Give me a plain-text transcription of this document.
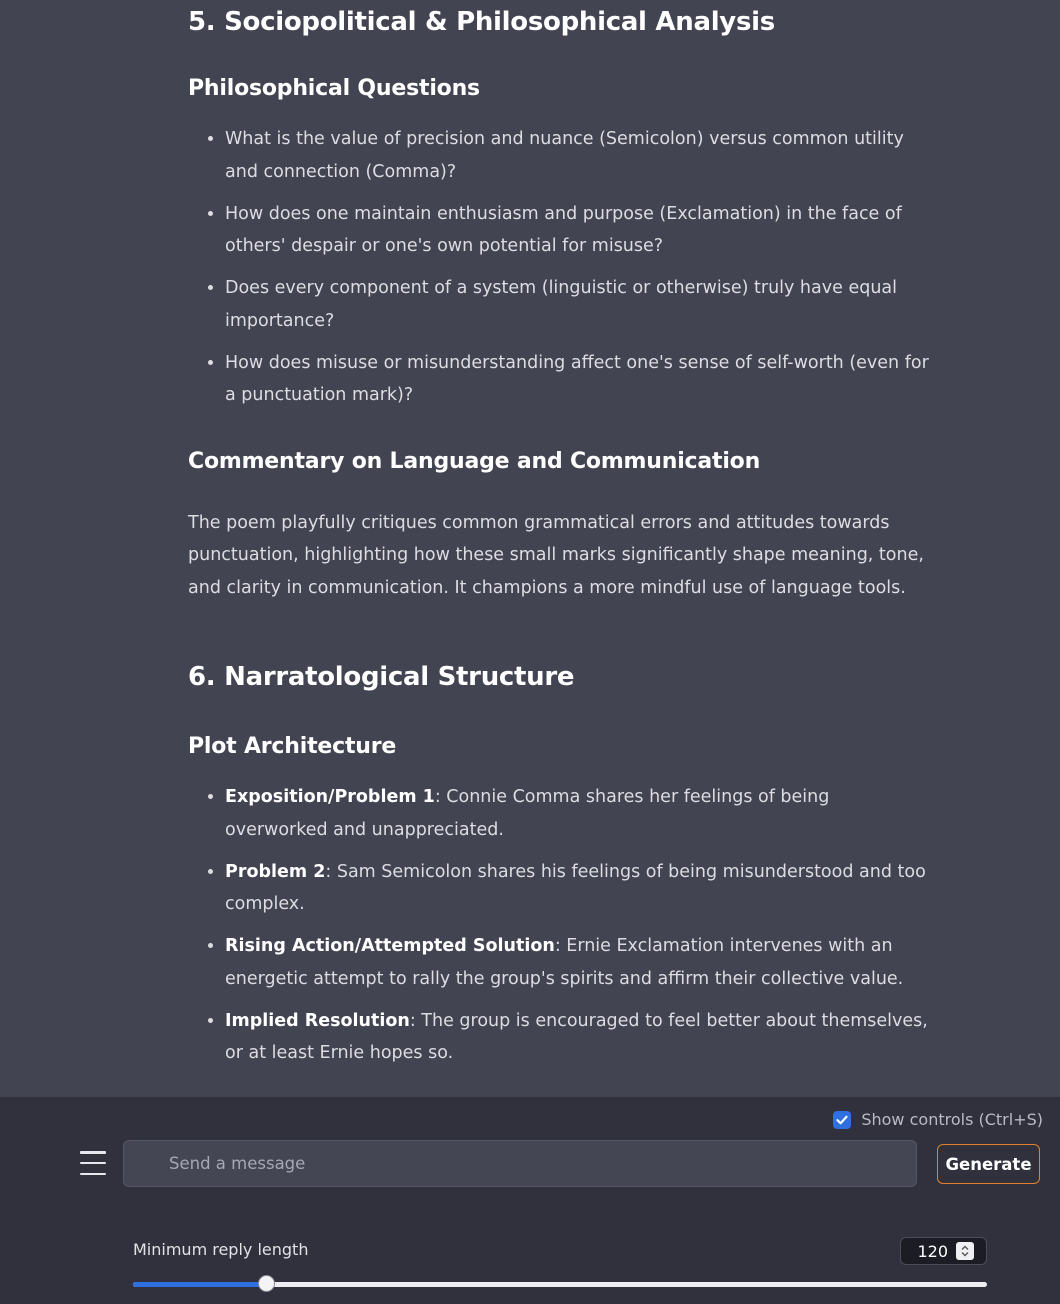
5. Sociopolitical & Philosophical Analysis
Philosophical Questions
• What is the value of precision and nuance (Semicolon) versus common utility and connection (Comma)?
• How does one maintain enthusiasm and purpose (Exclamation) in the face of others' despair or one's own potential for misuse?
• Does every component of a system (linguistic or otherwise) truly have equal importance?
• How does misuse or misunderstanding affect one's sense of self-worth (even for a punctuation mark)?
Commentary on Language and Communication

The poem playfully critiques common grammatical errors and attitudes towards punctuation, highlighting how these small marks significantly shape meaning, tone, and clarity in communication. It champions a more mindful use of language tools.

6. Narratological Structure
Plot Architecture
• Exposition/Problem 1: Connie Comma shares her feelings of being overworked and unappreciated.
• Problem 2: Sam Semicolon shares his feelings of being misunderstood and too complex.
• Rising Action/Attempted Solution: Ernie Exclamation intervenes with an energetic attempt to rally the group's spirits and affirm their collective value.
• Implied Resolution: The group is encouraged to feel better about themselves, or at least Ernie hopes so.
Show controls (Ctrl+S)
Send a message
Generate
Minimum reply length	120
